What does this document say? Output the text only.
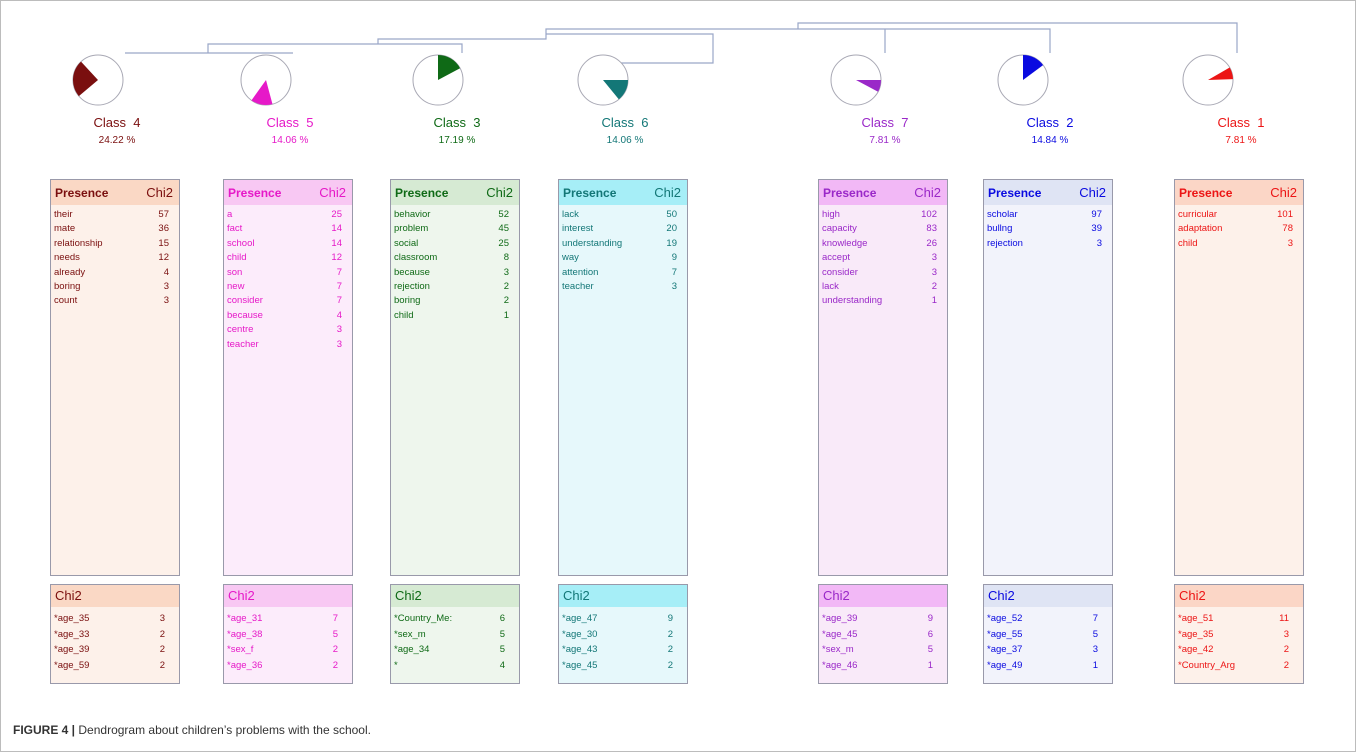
Class  4
24.22 %
Presence	Chi2
their	57
mate	36
relationship	15
needs	12
already	4
boring	3
count	3
Chi2
*age_35	3
*age_33	2
*age_39	2
*age_59	2
Class  5
14.06 %
Presence	Chi2
a	25
fact	14
school	14
child	12
son	7
new	7
consider	7
because	4
centre	3
teacher	3
Chi2
*age_31	7
*age_38	5
*sex_f	2
*age_36	2
Class  3
17.19 %
Presence	Chi2
behavior	52
problem	45
social	25
classroom	8
because	3
rejection	2
boring	2
child	1
Chi2
*Country_Me:	6
*sex_m	5
*age_34	5
*	4
Class  6
14.06 %
Presence	Chi2
lack	50
interest	20
understanding	19
way	9
attention	7
teacher	3
Chi2
*age_47	9
*age_30	2
*age_43	2
*age_45	2
Class  7
7.81 %
Presence	Chi2
high	102
capacity	83
knowledge	26
accept	3
consider	3
lack	2
understanding	1
Chi2
*age_39	9
*age_45	6
*sex_m	5
*age_46	1
Class  2
14.84 %
Presence	Chi2
scholar	97
bullng	39
rejection	3
Chi2
*age_52	7
*age_55	5
*age_37	3
*age_49	1
Class  1
7.81 %
Presence	Chi2
curricular	101
adaptation	78
child	3
Chi2
*age_51	11
*age_35	3
*age_42	2
*Country_Arg	2
FIGURE 4 | Dendrogram about children’s problems with the school.
